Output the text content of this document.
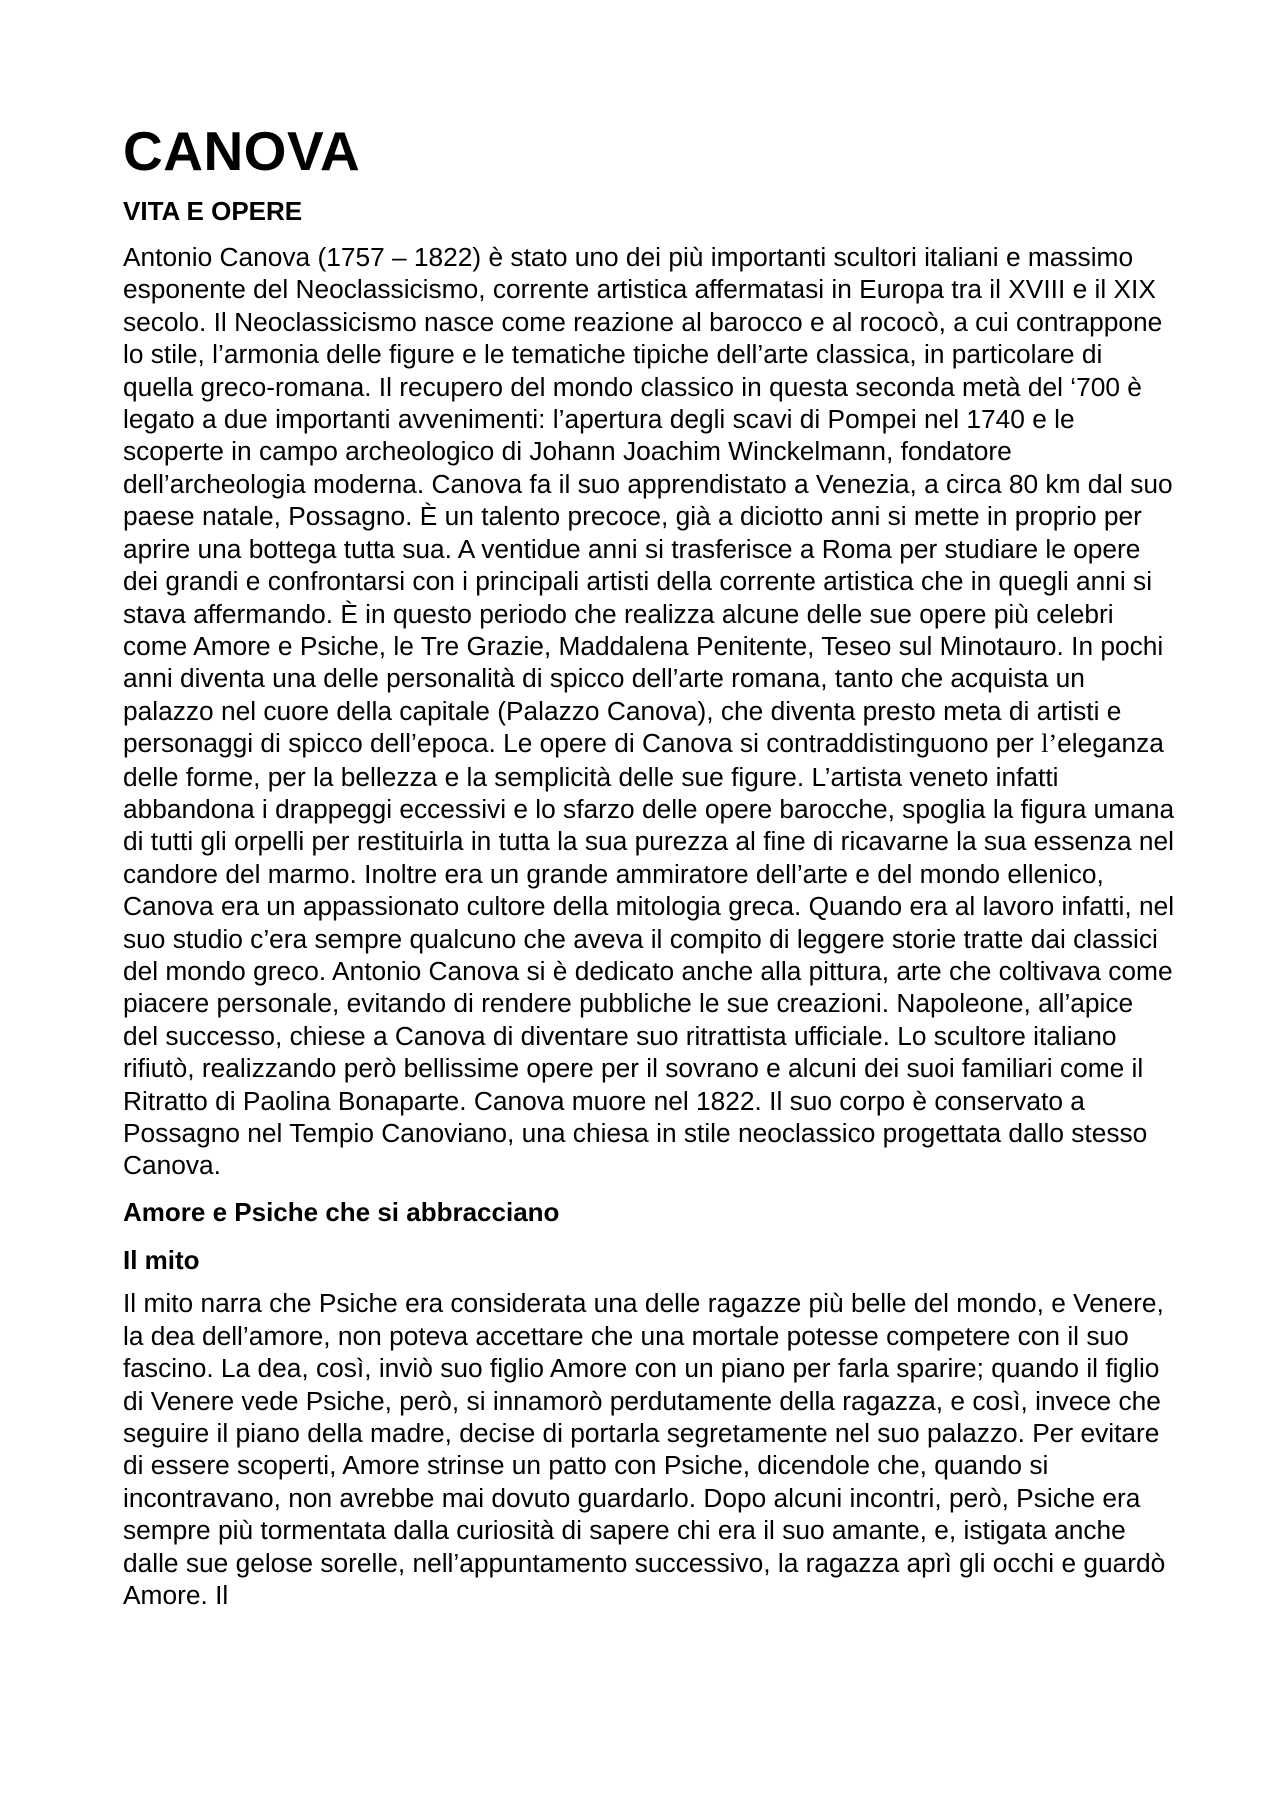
CANOVA
VITA E OPERE

Antonio Canova (1757 – 1822) è stato uno dei più importanti scultori italiani e massimo esponente del Neoclassicismo, corrente artistica affermatasi in Europa tra il XVIII e il XIX secolo. Il Neoclassicismo nasce come reazione al barocco e al rococò, a cui contrappone lo stile, l’armonia delle figure e le tematiche tipiche dell’arte classica, in particolare di quella greco-romana. Il recupero del mondo classico in questa seconda metà del ‘700 è legato a due importanti avvenimenti: l’apertura degli scavi di Pompei nel 1740 e le scoperte in campo archeologico di Johann Joachim Winckelmann, fondatore dell’archeologia moderna. Canova fa il suo apprendistato a Venezia, a circa 80 km dal suo paese natale, Possagno. È un talento precoce, già a diciotto anni si mette in proprio per aprire una bottega tutta sua. A ventidue anni si trasferisce a Roma per studiare le opere dei grandi e confrontarsi con i principali artisti della corrente artistica che in quegli anni si stava affermando. È in questo periodo che realizza alcune delle sue opere più celebri come Amore e Psiche, le Tre Grazie, Maddalena Penitente, Teseo sul Minotauro. In pochi anni diventa una delle personalità di spicco dell’arte romana, tanto che acquista un palazzo nel cuore della capitale (Palazzo Canova), che diventa presto meta di artisti e personaggi di spicco dell’epoca. Le opere di Canova si contraddistinguono per l’eleganza delle forme, per la bellezza e la semplicità delle sue figure. L’artista veneto infatti abbandona i drappeggi eccessivi e lo sfarzo delle opere barocche, spoglia la figura umana di tutti gli orpelli per restituirla in tutta la sua purezza al fine di ricavarne la sua essenza nel candore del marmo. Inoltre era un grande ammiratore dell’arte e del mondo ellenico, Canova era un appassionato cultore della mitologia greca. Quando era al lavoro infatti, nel suo studio c’era sempre qualcuno che aveva il compito di leggere storie tratte dai classici del mondo greco. Antonio Canova si è dedicato anche alla pittura, arte che coltivava come piacere personale, evitando di rendere pubbliche le sue creazioni. Napoleone, all’apice del successo, chiese a Canova di diventare suo ritrattista ufficiale. Lo scultore italiano rifiutò, realizzando però bellissime opere per il sovrano e alcuni dei suoi familiari come il Ritratto di Paolina Bonaparte. Canova muore nel 1822. Il suo corpo è conservato a Possagno nel Tempio Canoviano, una chiesa in stile neoclassico progettata dallo stesso Canova.

Amore e Psiche che si abbracciano
Il mito

Il mito narra che Psiche era considerata una delle ragazze più belle del mondo, e Venere, la dea dell’amore, non poteva accettare che una mortale potesse competere con il suo fascino. La dea, così, inviò suo figlio Amore con un piano per farla sparire; quando il figlio di Venere vede Psiche, però, si innamorò perdutamente della ragazza, e così, invece che seguire il piano della madre, decise di portarla segretamente nel suo palazzo. Per evitare di essere scoperti, Amore strinse un patto con Psiche, dicendole che, quando si incontravano, non avrebbe mai dovuto guardarlo. Dopo alcuni incontri, però, Psiche era sempre più tormentata dalla curiosità di sapere chi era il suo amante, e, istigata anche dalle sue gelose sorelle, nell’appuntamento successivo, la ragazza aprì gli occhi e guardò Amore. Il
